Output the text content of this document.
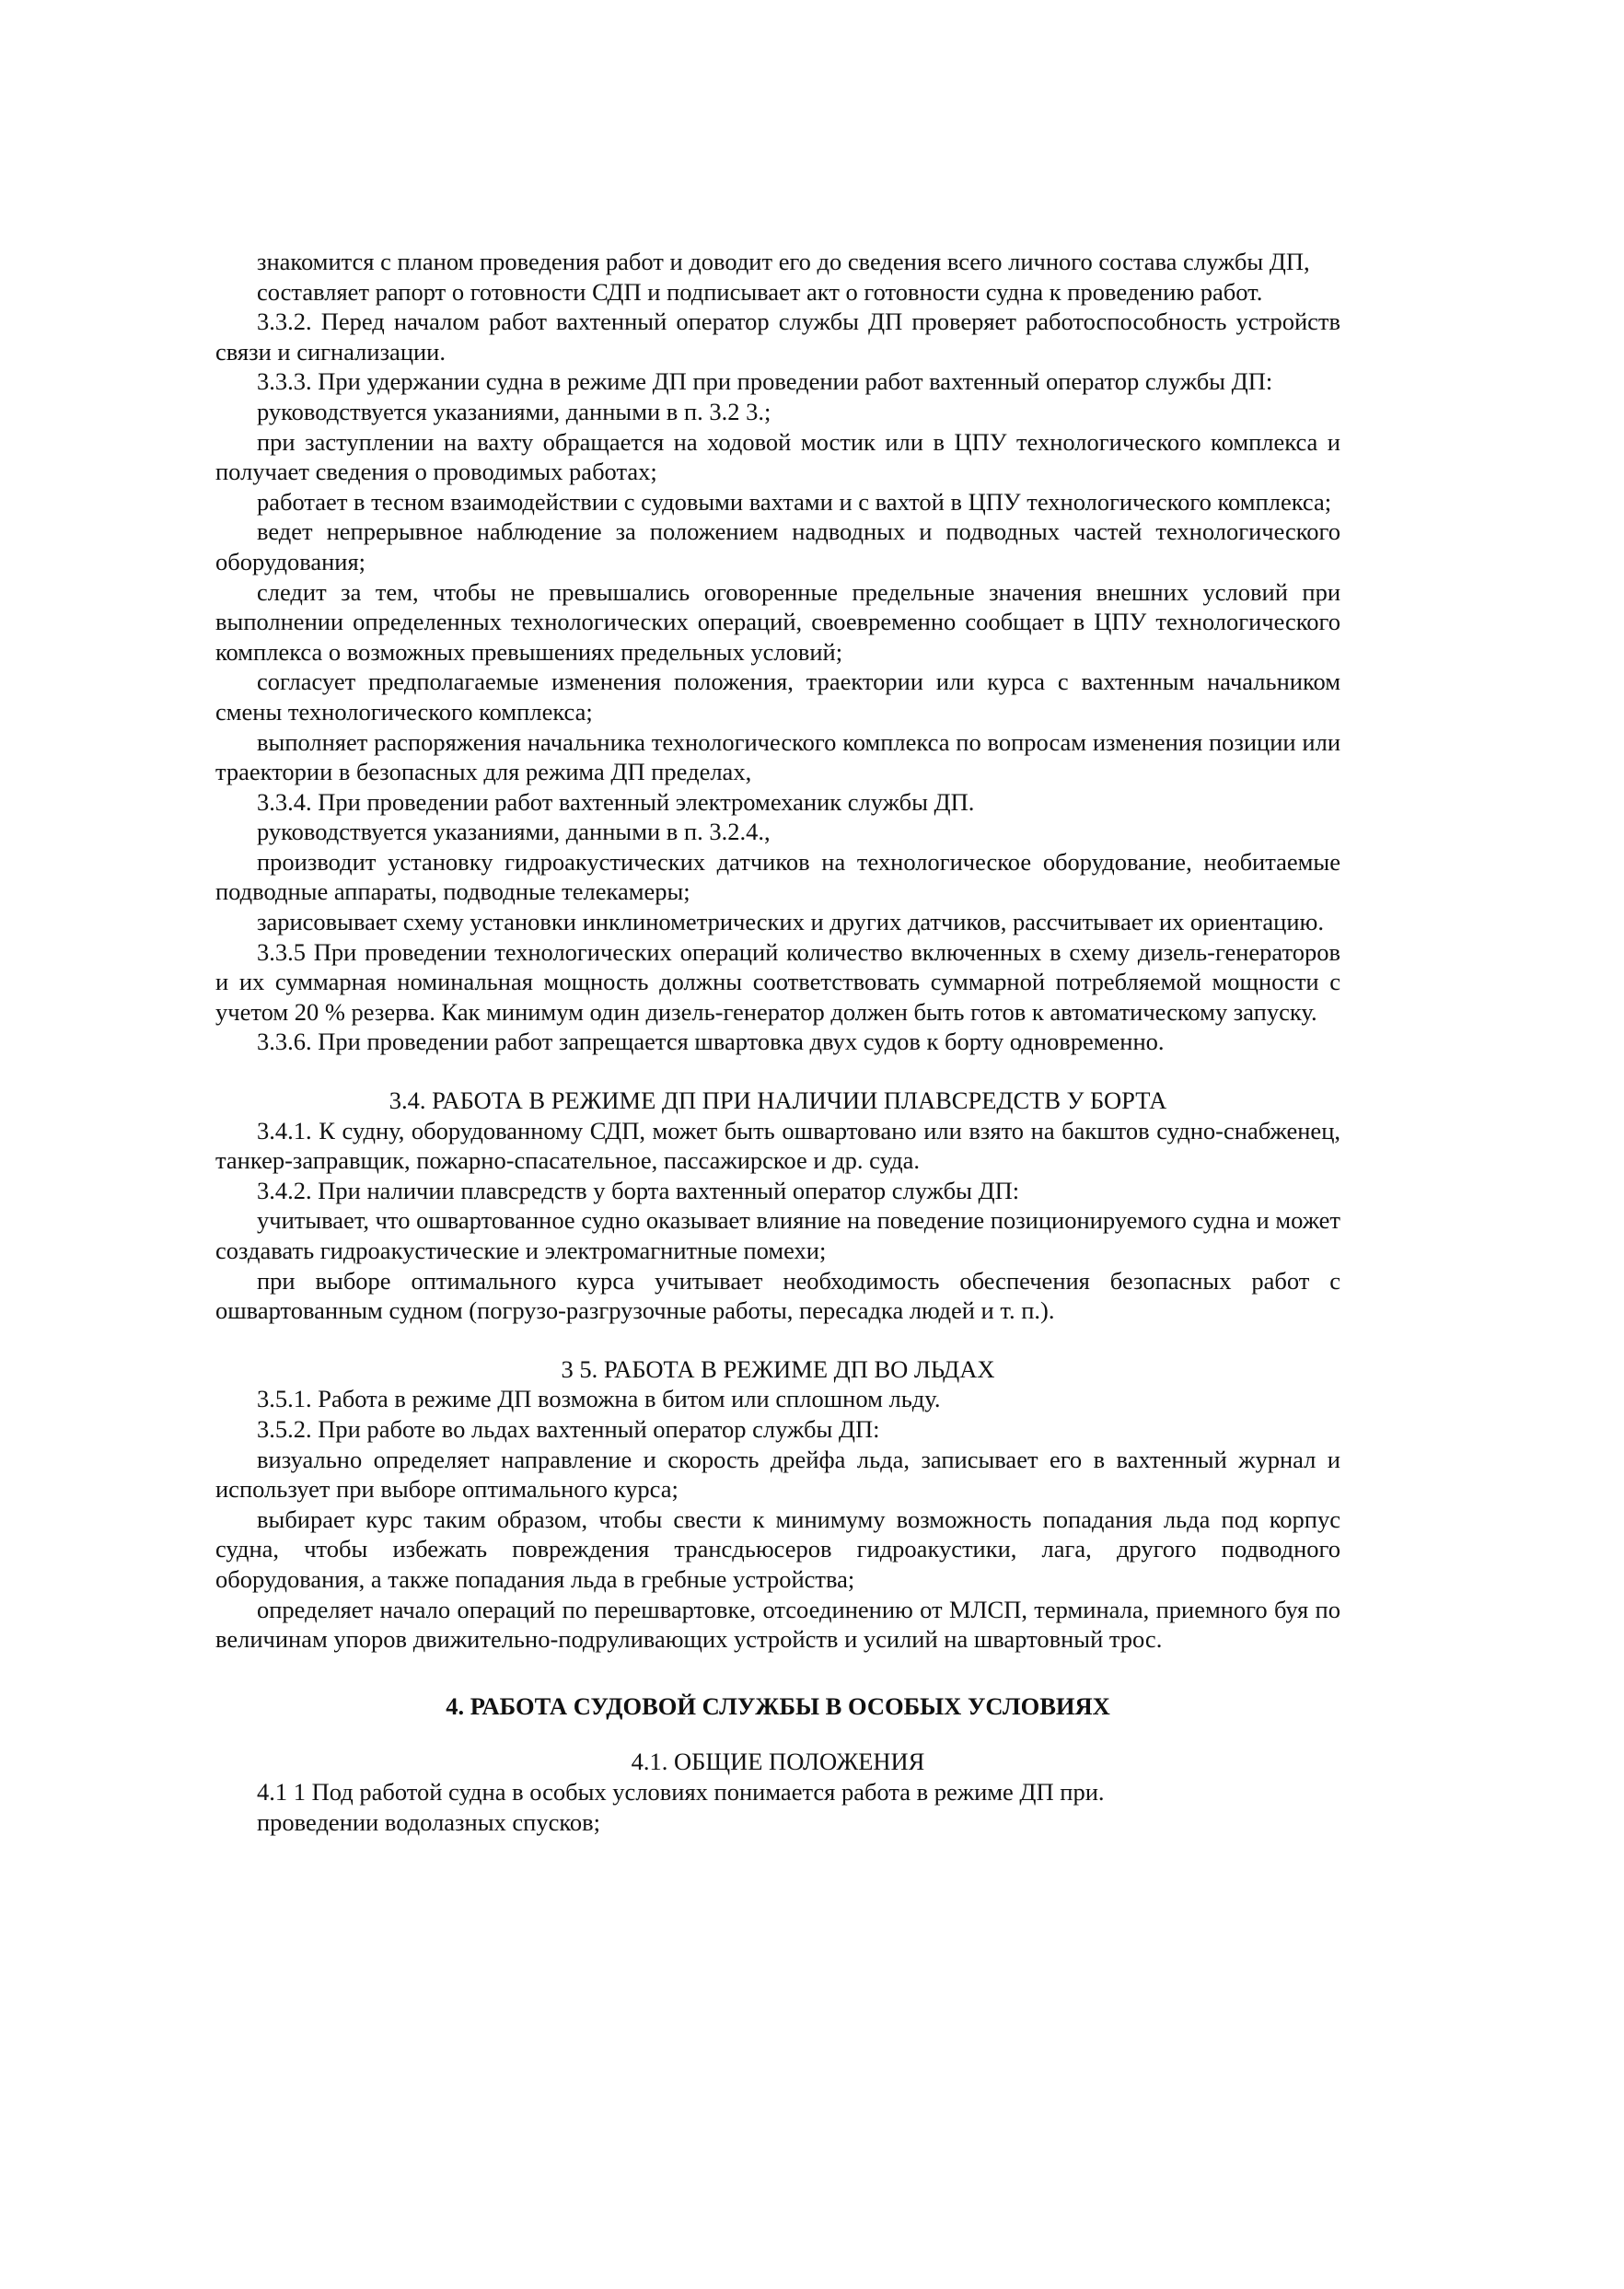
знакомится с планом проведения работ и доводит его до сведения всего личного состава службы ДП,

составляет рапорт о готовности СДП и подписывает акт о готовности судна к проведению работ.

3.3.2. Перед началом работ вахтенный оператор службы ДП проверяет работоспособность устройств связи и сигнализации.

3.3.3. При удержании судна в режиме ДП при проведении работ вахтенный оператор службы ДП:

руководствуется указаниями, данными в п. 3.2 3.;

при заступлении на вахту обращается на ходовой мостик или в ЦПУ технологического комплекса и получает сведения о проводимых работах;

работает в тесном взаимодействии с судовыми вахтами и с вахтой в ЦПУ технологического комплекса;

ведет непрерывное наблюдение за положением надводных и подводных частей технологического оборудования;

следит за тем, чтобы не превышались оговоренные предельные значения внешних условий при выполнении определенных технологических операций, своевременно сообщает в ЦПУ технологического комплекса о возможных превышениях предельных условий;

согласует предполагаемые изменения положения, траектории или курса с вахтенным начальником смены технологического комплекса;

выполняет распоряжения начальника технологического комплекса по вопросам изменения позиции или траектории в безопасных для режима ДП пределах,

3.3.4. При проведении работ вахтенный электромеханик службы ДП.

руководствуется указаниями, данными в п. 3.2.4.,

производит установку гидроакустических датчиков на технологическое оборудование, необитаемые подводные аппараты, подводные телекамеры;

зарисовывает схему установки инклинометрических и других датчиков, рассчитывает их ориентацию.

3.3.5 При проведении технологических операций количество включенных в схему дизель-генераторов и их суммарная номинальная мощность должны соответствовать суммарной потребляемой мощности с учетом 20 % резерва. Как минимум один дизель-генератор должен быть готов к автоматическому запуску.

3.3.6. При проведении работ запрещается швартовка двух судов к борту одновременно.

3.4. РАБОТА В РЕЖИМЕ ДП ПРИ НАЛИЧИИ ПЛАВСРЕДСТВ У БОРТА

3.4.1. К судну, оборудованному СДП, может быть ошвартовано или взято на бакштов судно-снабженец, танкер-заправщик, пожарно-спасательное, пассажирское и др. суда.

3.4.2. При наличии плавсредств у борта вахтенный оператор службы ДП:

учитывает, что ошвартованное судно оказывает влияние на поведение позиционируемого судна и может создавать гидроакустические и электромагнитные помехи;

при выборе оптимального курса учитывает необходимость обеспечения безопасных работ с ошвартованным судном (погрузо-разгрузочные работы, пересадка людей и т. п.).

3 5. РАБОТА В РЕЖИМЕ ДП ВО ЛЬДАХ

3.5.1. Работа в режиме ДП возможна в битом или сплошном льду.

3.5.2. При работе во льдах вахтенный оператор службы ДП:

визуально определяет направление и скорость дрейфа льда, записывает его в вахтенный журнал и использует при выборе оптимального курса;

выбирает курс таким образом, чтобы свести к минимуму возможность попадания льда под корпус судна, чтобы избежать повреждения трансдьюсеров гидроакустики, лага, другого подводного оборудования, а также попадания льда в гребные устройства;

определяет начало операций по перешвартовке, отсоединению от МЛСП, терминала, приемного буя по величинам упоров движительно-подруливающих устройств и усилий на швартовный трос.

4. РАБОТА СУДОВОЙ СЛУЖБЫ В ОСОБЫХ УСЛОВИЯХ

4.1. ОБЩИЕ ПОЛОЖЕНИЯ

4.1 1 Под работой судна в особых условиях понимается работа в режиме ДП при.

проведении водолазных спусков;
